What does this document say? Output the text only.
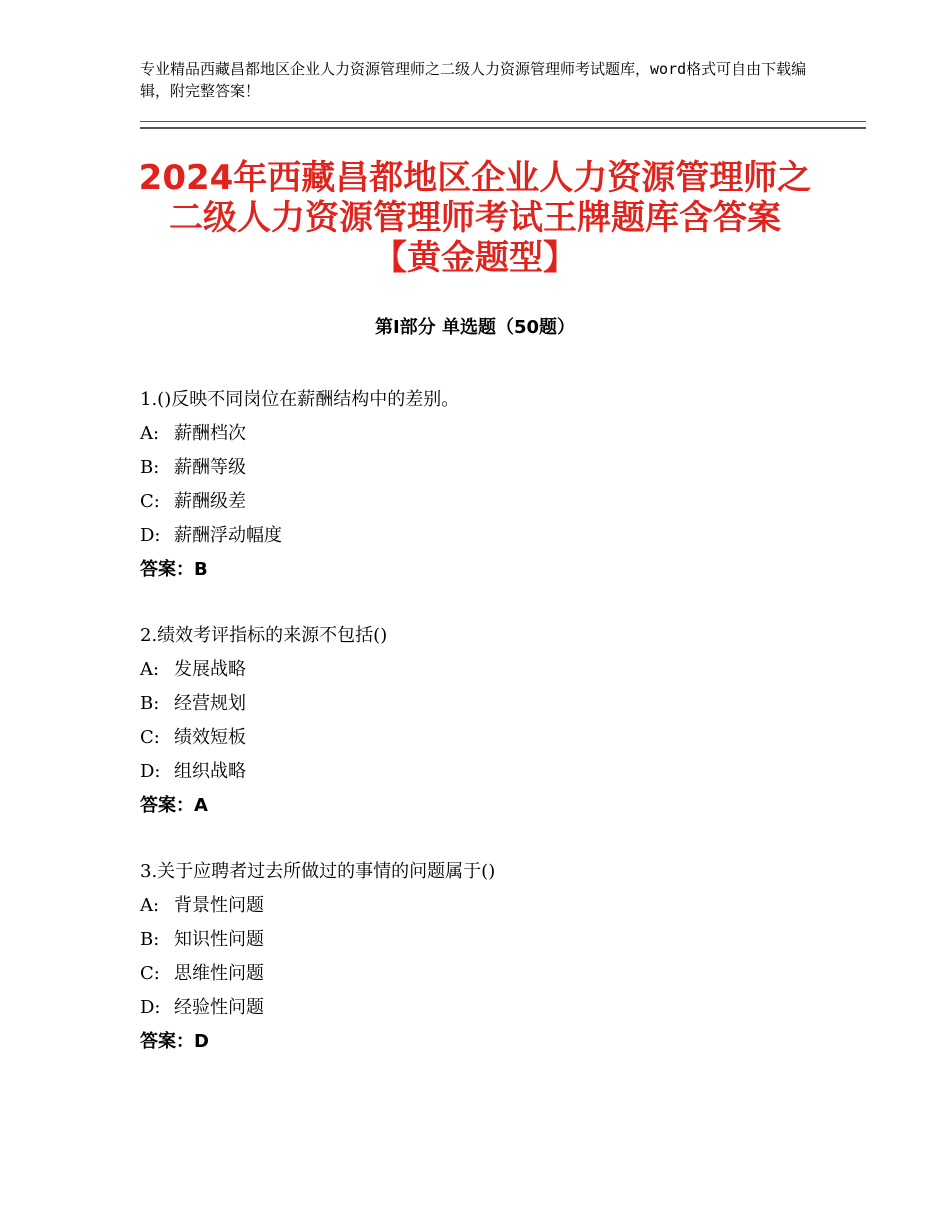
专业精品西藏昌都地区企业人力资源管理师之二级人力资源管理师考试题库，word格式可自由下载编辑，附完整答案！
2024年西藏昌都地区企业人力资源管理师之
二级人力资源管理师考试王牌题库含答案
【黄金题型】
第Ⅰ部分 单选题（50题）
1.()反映不同岗位在薪酬结构中的差别。
A: 薪酬档次
B: 薪酬等级
C: 薪酬级差
D: 薪酬浮动幅度
答案：B
2.绩效考评指标的来源不包括()
A: 发展战略
B: 经营规划
C: 绩效短板
D: 组织战略
答案：A
3.关于应聘者过去所做过的事情的问题属于()
A: 背景性问题
B: 知识性问题
C: 思维性问题
D: 经验性问题
答案：D
